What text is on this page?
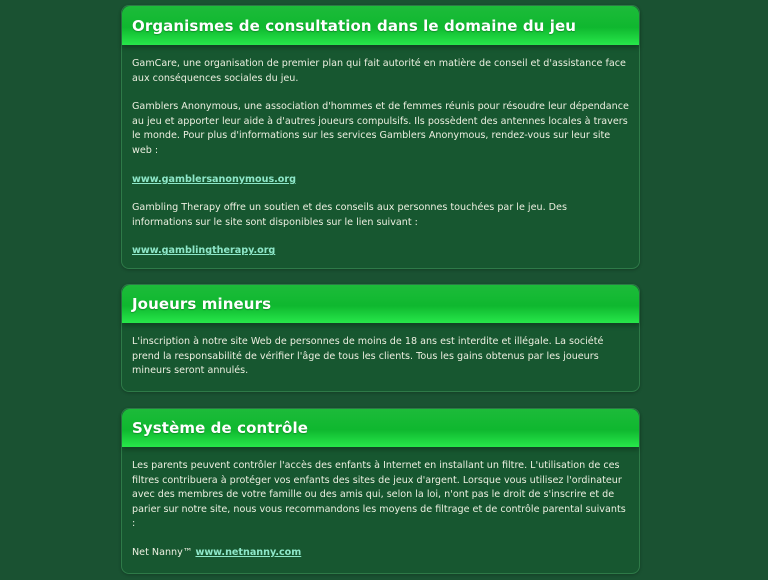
Organismes de consultation dans le domaine du jeu

GamCare, une organisation de premier plan qui fait autorité en matière de conseil et d'assistance face aux conséquences sociales du jeu.

Gamblers Anonymous, une association d'hommes et de femmes réunis pour résoudre leur dépendance au jeu et apporter leur aide à d'autres joueurs compulsifs. Ils possèdent des antennes locales à travers le monde. Pour plus d'informations sur les services Gamblers Anonymous, rendez-vous sur leur site web :

www.gamblersanonymous.org

Gambling Therapy offre un soutien et des conseils aux personnes touchées par le jeu. Des informations sur le site sont disponibles sur le lien suivant :

www.gamblingtherapy.org

Joueurs mineurs

L'inscription à notre site Web de personnes de moins de 18 ans est interdite et illégale. La société prend la responsabilité de vérifier l'âge de tous les clients. Tous les gains obtenus par les joueurs mineurs seront annulés.

Système de contrôle

Les parents peuvent contrôler l'accès des enfants à Internet en installant un filtre. L'utilisation de ces filtres contribuera à protéger vos enfants des sites de jeux d'argent. Lorsque vous utilisez l'ordinateur avec des membres de votre famille ou des amis qui, selon la loi, n'ont pas le droit de s'inscrire et de parier sur notre site, nous vous recommandons les moyens de filtrage et de contrôle parental suivants :

Net Nanny™ www.netnanny.com
